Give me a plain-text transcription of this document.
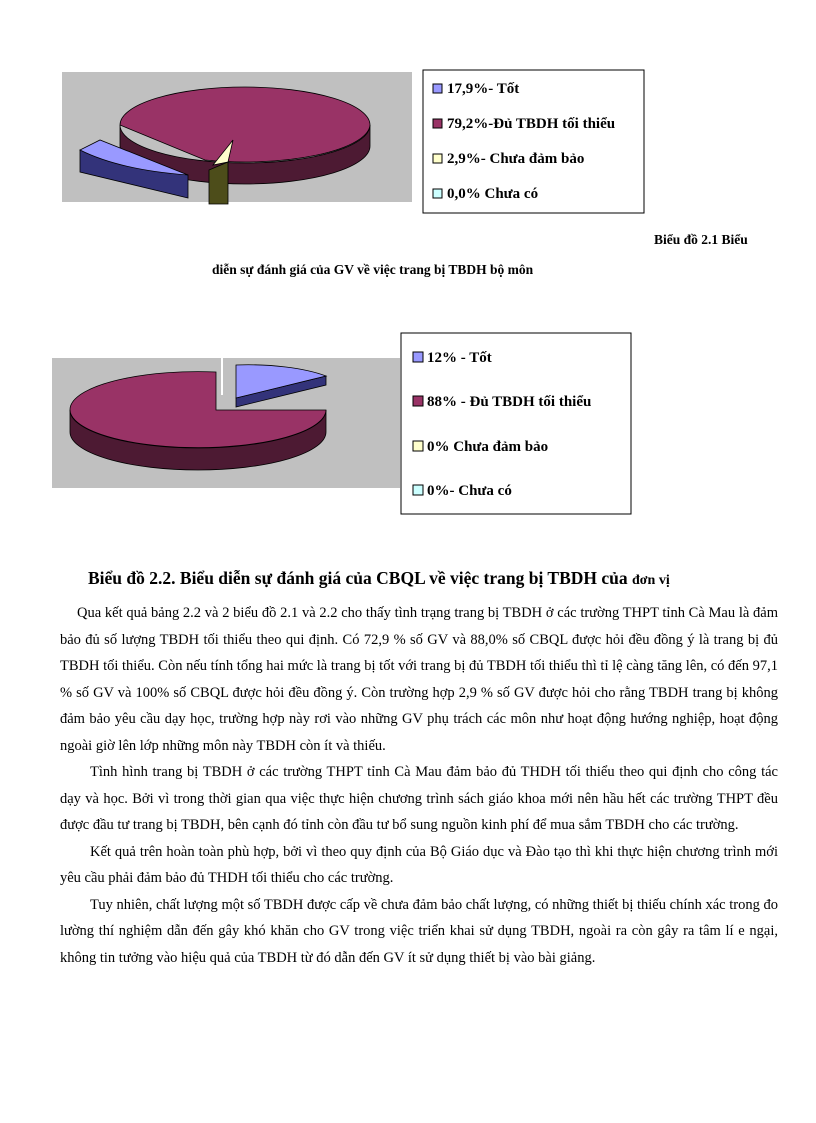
17,9%- Tốt
79,2%-Đủ TBDH tối thiểu
2,9%- Chưa đảm bảo
0,0% Chưa có
12% - Tốt
88% - Đủ TBDH tối thiểu
0% Chưa đảm bảo
0%- Chưa có
Biểu đồ 2.1 Biểu
diễn sự đánh giá của GV về việc trang bị TBDH bộ môn
Biểu đồ 2.2. Biểu diễn sự đánh giá của CBQL về việc trang bị TBDH của đơn vị

Qua kết quả bảng 2.2 và 2 biểu đồ 2.1 và 2.2 cho thấy tình trạng trang bị TBDH ở các trường THPT tỉnh Cà Mau là đảm bảo đủ số lượng TBDH tối thiểu theo qui định. Có 72,9 % số GV và 88,0% số CBQL được hỏi đều đồng ý là trang bị đủ TBDH tối thiểu. Còn nếu tính tổng hai mức là trang bị tốt với trang bị đủ TBDH tối thiểu thì tỉ lệ càng tăng lên, có đến 97,1 % số GV và 100% số CBQL được hỏi đều đồng ý. Còn trường hợp 2,9 % số GV được hỏi cho rằng TBDH trang bị không đảm bảo yêu cầu dạy học, trường hợp này rơi vào những GV phụ trách các môn như hoạt động hướng nghiệp, hoạt động ngoài giờ lên lớp những môn này TBDH còn ít và thiếu.

Tình hình trang bị TBDH ở các trường THPT tỉnh Cà Mau đảm bảo đủ THDH tối thiểu theo qui định cho công tác dạy và học. Bởi vì trong thời gian qua việc thực hiện chương trình sách giáo khoa mới nên hầu hết các trường THPT đều được đầu tư trang bị TBDH, bên cạnh đó tỉnh còn đầu tư bổ sung nguồn kinh phí để mua sắm TBDH cho các trường.

Kết quả trên hoàn toàn phù hợp, bởi vì theo quy định của Bộ Giáo dục và Đào tạo thì khi thực hiện chương trình mới yêu cầu phải đảm bảo đủ THDH tối thiểu cho các trường.

Tuy nhiên, chất lượng một số TBDH được cấp về chưa đảm bảo chất lượng, có những thiết bị thiếu chính xác trong đo lường thí nghiệm dẫn đến gây khó khăn cho GV trong việc triển khai sử dụng TBDH, ngoài ra còn gây ra tâm lí e ngại, không tin tưởng vào hiệu quả của TBDH từ đó dẫn đến GV ít sử dụng thiết bị vào bài giảng.
